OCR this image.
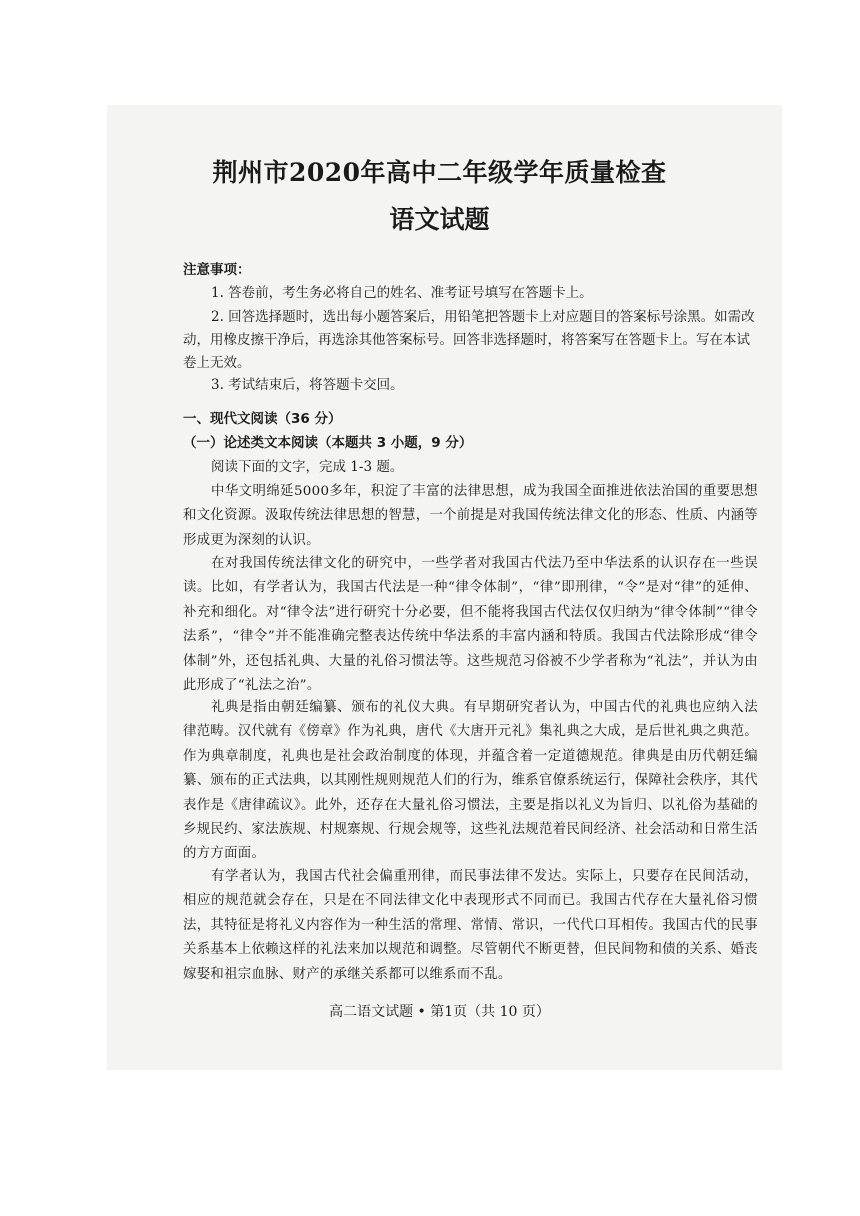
荆州市2020年高中二年级学年质量检查
语文试题
注意事项：
1. 答卷前，考生务必将自己的姓名、准考证号填写在答题卡上。
2. 回答选择题时，选出每小题答案后，用铅笔把答题卡上对应题目的答案标号涂黑。如需改动，用橡皮擦干净后，再选涂其他答案标号。回答非选择题时，将答案写在答题卡上。写在本试卷上无效。
3. 考试结束后，将答题卡交回。
一、现代文阅读（36 分）
（一）论述类文本阅读（本题共 3 小题，9 分）
阅读下面的文字，完成 1-3 题。
中华文明绵延5000多年，积淀了丰富的法律思想，成为我国全面推进依法治国的重要思想和文化资源。汲取传统法律思想的智慧，一个前提是对我国传统法律文化的形态、性质、内涵等形成更为深刻的认识。
在对我国传统法律文化的研究中，一些学者对我国古代法乃至中华法系的认识存在一些误读。比如，有学者认为，我国古代法是一种“律令体制”，“律”即刑律，“令”是对“律”的延伸、补充和细化。对“律令法”进行研究十分必要，但不能将我国古代法仅仅归纳为“律令体制”“律令法系”，“律令”并不能准确完整表达传统中华法系的丰富内涵和特质。我国古代法除形成“律令体制”外，还包括礼典、大量的礼俗习惯法等。这些规范习俗被不少学者称为“礼法”，并认为由此形成了“礼法之治”。
礼典是指由朝廷编纂、颁布的礼仪大典。有早期研究者认为，中国古代的礼典也应纳入法律范畴。汉代就有《傍章》作为礼典，唐代《大唐开元礼》集礼典之大成，是后世礼典之典范。作为典章制度，礼典也是社会政治制度的体现，并蕴含着一定道德规范。律典是由历代朝廷编纂、颁布的正式法典，以其刚性规则规范人们的行为，维系官僚系统运行，保障社会秩序，其代表作是《唐律疏议》。此外，还存在大量礼俗习惯法，主要是指以礼义为旨归、以礼俗为基础的乡规民约、家法族规、村规寨规、行规会规等，这些礼法规范着民间经济、社会活动和日常生活的方方面面。
有学者认为，我国古代社会偏重刑律，而民事法律不发达。实际上，只要存在民间活动，相应的规范就会存在，只是在不同法律文化中表现形式不同而已。我国古代存在大量礼俗习惯法，其特征是将礼义内容作为一种生活的常理、常情、常识，一代代口耳相传。我国古代的民事关系基本上依赖这样的礼法来加以规范和调整。尽管朝代不断更替，但民间物和债的关系、婚丧嫁娶和祖宗血脉、财产的承继关系都可以维系而不乱。
高二语文试题 • 第1页（共 10 页）
